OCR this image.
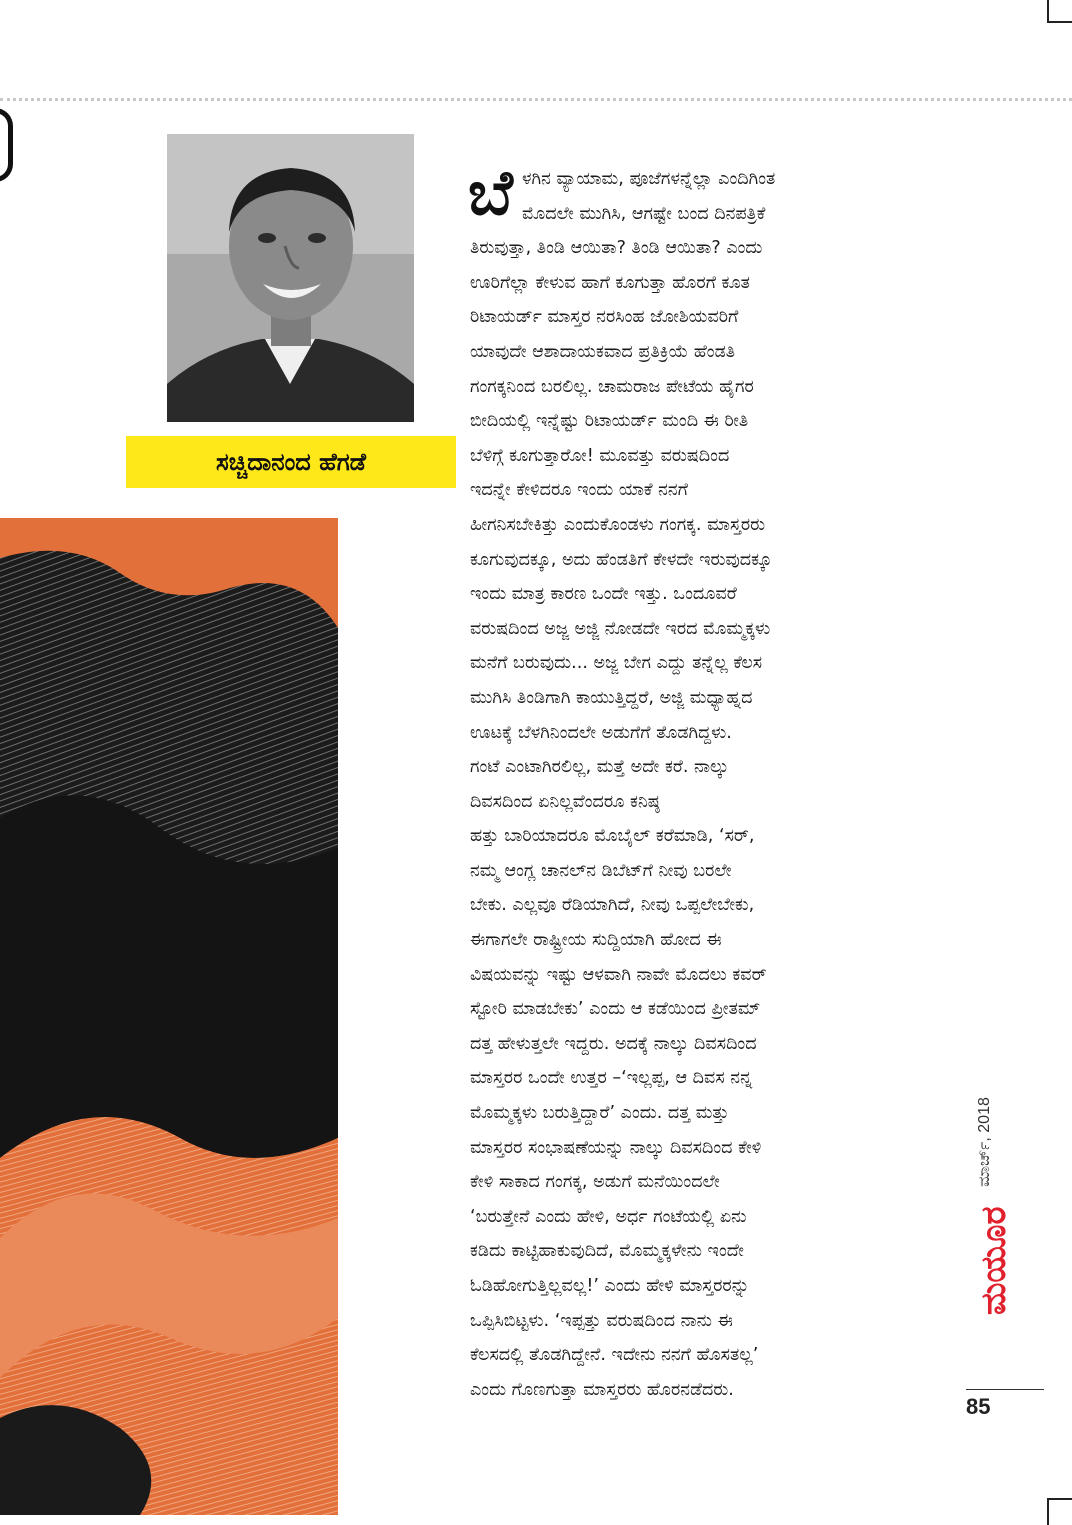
ಸಚ್ಚಿದಾನಂದ ಹೆಗಡೆ
ಬೆ ಳಗಿನ ವ್ಯಾಯಾಮ, ಪೂಜೆಗಳನ್ನೆಲ್ಲಾ ಎಂದಿಗಿಂತ
ಮೊದಲೇ ಮುಗಿಸಿ, ಆಗಷ್ಟೇ ಬಂದ ದಿನಪತ್ರಿಕೆ
ತಿರುವುತ್ತಾ, ತಿಂಡಿ ಆಯಿತಾ? ತಿಂಡಿ ಆಯಿತಾ? ಎಂದು
ಊರಿಗೆಲ್ಲಾ ಕೇಳುವ ಹಾಗೆ ಕೂಗುತ್ತಾ ಹೊರಗೆ ಕೂತ
ರಿಟಾಯರ್ಡ್ ಮಾಸ್ತರ ನರಸಿಂಹ ಜೋಶಿಯವರಿಗೆ
ಯಾವುದೇ ಆಶಾದಾಯಕವಾದ ಪ್ರತಿಕ್ರಿಯೆ ಹೆಂಡತಿ
ಗಂಗಕ್ಕನಿಂದ ಬರಲಿಲ್ಲ. ಚಾಮರಾಜ ಪೇಟೆಯ ಹೈಗರ
ಬೀದಿಯಲ್ಲಿ ಇನ್ನೆಷ್ಟು ರಿಟಾಯರ್ಡ್ ಮಂದಿ ಈ ರೀತಿ
ಬೆಳಿಗ್ಗೆ ಕೂಗುತ್ತಾರೋ! ಮೂವತ್ತು ವರುಷದಿಂದ
ಇದನ್ನೇ ಕೇಳಿದರೂ ಇಂದು ಯಾಕೆ ನನಗೆ
ಹೀಗನಿಸಬೇಕಿತ್ತು ಎಂದುಕೊಂಡಳು ಗಂಗಕ್ಕ. ಮಾಸ್ತರರು
ಕೂಗುವುದಕ್ಕೂ, ಅದು ಹೆಂಡತಿಗೆ ಕೇಳದೇ ಇರುವುದಕ್ಕೂ
ಇಂದು ಮಾತ್ರ ಕಾರಣ ಒಂದೇ ಇತ್ತು. ಒಂದೂವರೆ
ವರುಷದಿಂದ ಅಜ್ಜ ಅಜ್ಜಿ ನೋಡದೇ ಇರದ ಮೊಮ್ಮಕ್ಕಳು
ಮನೆಗೆ ಬರುವುದು... ಅಜ್ಜ ಬೇಗ ಎದ್ದು ತನ್ನೆಲ್ಲ ಕೆಲಸ
ಮುಗಿಸಿ ತಿಂಡಿಗಾಗಿ ಕಾಯುತ್ತಿದ್ದರೆ, ಅಜ್ಜಿ ಮಧ್ಯಾಹ್ನದ
ಊಟಕ್ಕೆ ಬೆಳಗಿನಿಂದಲೇ ಅಡುಗೆಗೆ ತೊಡಗಿದ್ದಳು.
ಗಂಟೆ ಎಂಟಾಗಿರಲಿಲ್ಲ, ಮತ್ತೆ ಅದೇ ಕರೆ. ನಾಲ್ಕು
ದಿವಸದಿಂದ ಏನಿಲ್ಲವೆಂದರೂ ಕನಿಷ್ಠ
ಹತ್ತು ಬಾರಿಯಾದರೂ ಮೊಬೈಲ್ ಕರೆಮಾಡಿ, ‘ಸರ್,
ನಮ್ಮ ಆಂಗ್ಲ ಚಾನಲ್‌ನ ಡಿಬೆಟ್‌ಗೆ ನೀವು ಬರಲೇ
ಬೇಕು. ಎಲ್ಲವೂ ರೆಡಿಯಾಗಿದೆ, ನೀವು ಒಪ್ಪಲೇಬೇಕು,
ಈಗಾಗಲೇ ರಾಷ್ಟ್ರೀಯ ಸುದ್ದಿಯಾಗಿ ಹೋದ ಈ
ವಿಷಯವನ್ನು ಇಷ್ಟು ಆಳವಾಗಿ ನಾವೇ ಮೊದಲು ಕವರ್
ಸ್ಟೋರಿ ಮಾಡಬೇಕು’ ಎಂದು ಆ ಕಡೆಯಿಂದ ಪ್ರೀತಮ್
ದತ್ತ ಹೇಳುತ್ತಲೇ ಇದ್ದರು. ಅದಕ್ಕೆ ನಾಲ್ಕು ದಿವಸದಿಂದ
ಮಾಸ್ತರರ ಒಂದೇ ಉತ್ತರ –‘ಇಲ್ಲಪ್ಪ, ಆ ದಿವಸ ನನ್ನ
ಮೊಮ್ಮಕ್ಕಳು ಬರುತ್ತಿದ್ದಾರೆ’ ಎಂದು. ದತ್ತ ಮತ್ತು
ಮಾಸ್ತರರ ಸಂಭಾಷಣೆಯನ್ನು ನಾಲ್ಕು ದಿವಸದಿಂದ ಕೇಳಿ
ಕೇಳಿ ಸಾಕಾದ ಗಂಗಕ್ಕ, ಅಡುಗೆ ಮನೆಯಿಂದಲೇ
‘ಬರುತ್ತೇನೆ ಎಂದು ಹೇಳಿ, ಅರ್ಧ ಗಂಟೆಯಲ್ಲಿ ಏನು
ಕಡಿದು ಕಾಟ್ಟಿಹಾಕುವುದಿದೆ, ಮೊಮ್ಮಕ್ಕಳೇನು ಇಂದೇ
ಓಡಿಹೋಗುತ್ತಿಲ್ಲವಲ್ಲ!’ ಎಂದು ಹೇಳಿ ಮಾಸ್ತರರನ್ನು
ಒಪ್ಪಿಸಿಬಿಟ್ಟಳು. ‘ಇಪ್ಪತ್ತು ವರುಷದಿಂದ ನಾನು ಈ
ಕೆಲಸದಲ್ಲಿ ತೊಡಗಿದ್ದೇನೆ. ಇದೇನು ನನಗೆ ಹೊಸತಲ್ಲ’
ಎಂದು ಗೊಣಗುತ್ತಾ ಮಾಸ್ತರರು ಹೊರನಡೆದರು.
ಮಾರ್ಚ್, 2018
ಮಯೂರ
85
